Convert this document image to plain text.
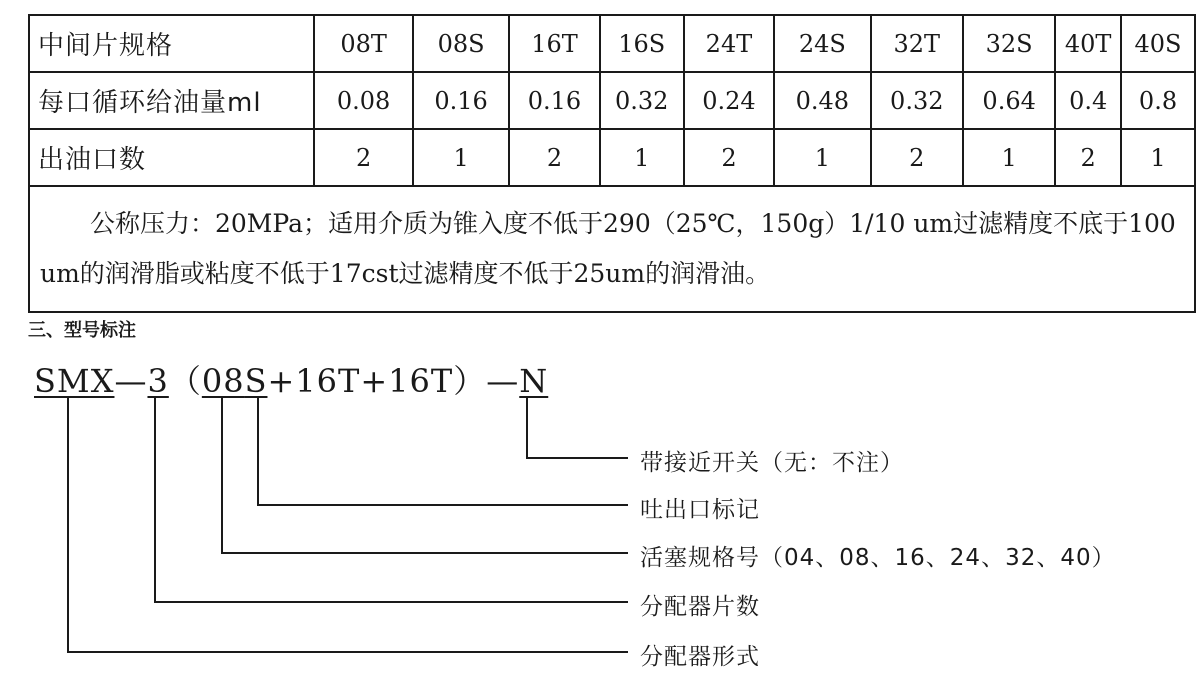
中间片规格	08T	08S	16T	16S	24T	24S	32T	32S	40T	40S
每口循环给油量ml	0.08	0.16	0.16	0.32	0.24	0.48	0.32	0.64	0.4	0.8
出油口数	2	1	2	1	2	1	2	1	2	1

公称压力：20MPa；适用介质为锥入度不低于290（25℃，150g）1/10 um过滤精度不底于100 um的润滑脂或粘度不低于17cst过滤精度不低于25um的润滑油。										

三、型号标注
SMX—3（08S+16T+16T）—N
带接近开关（无：不注）
吐出口标记
活塞规格号（04、08、16、24、32、40）
分配器片数
分配器形式
